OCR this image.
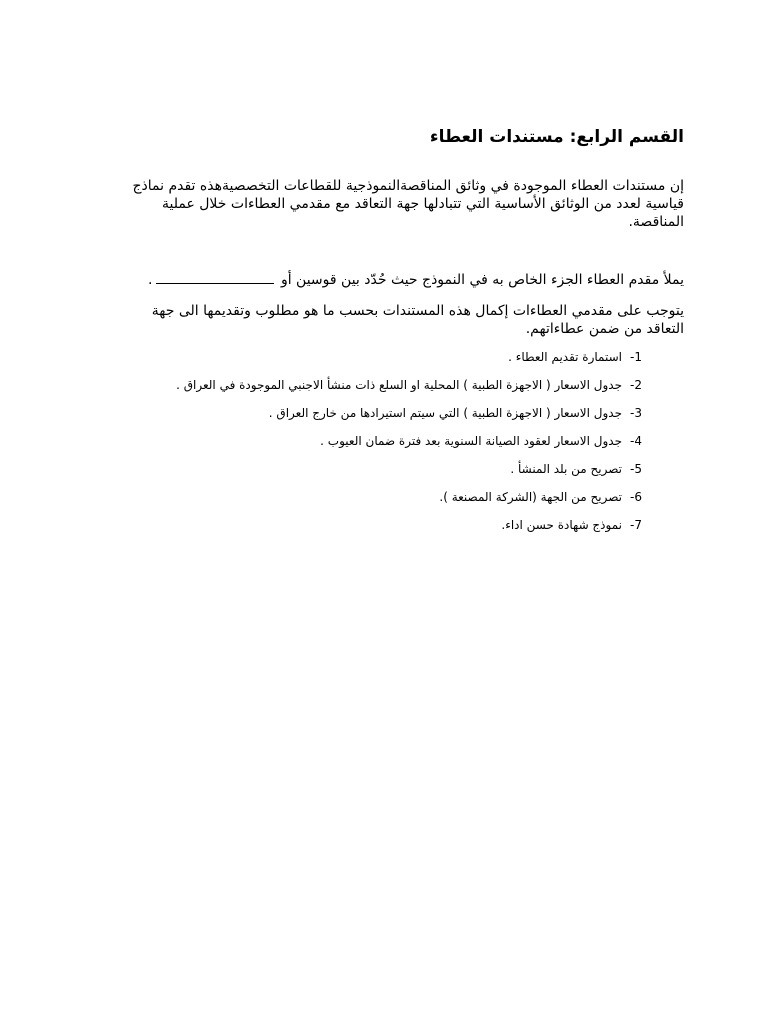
القسم الرابع: مستندات العطاء
إن مستندات العطاء الموجودة في وثائق المناقصةالنموذجية للقطاعات التخصصيةهذه تقدم نماذج قياسية لعدد من الوثائق الأساسية التي تتبادلها جهة التعاقد مع مقدمي العطاءات خلال عملية المناقصة.
يملأ مقدم العطاء الجزء الخاص به في النموذج حيث حُدّد بين قوسين أو .
يتوجب على مقدمي العطاءات إكمال هذه المستندات بحسب ما هو مطلوب وتقديمها الى جهة التعاقد من ضمن عطاءاتهم.
-1
استمارة تقديم العطاء .
-2
جدول الاسعار ( الاجهزة الطبية ) المحلية او السلع ذات منشأ الاجنبي الموجودة في العراق .
-3
جدول الاسعار ( الاجهزة الطبية ) التي سيتم استيرادها من خارج العراق .
-4
جدول الاسعار لعقود الصيانة السنوية بعد فترة ضمان العيوب .
-5
تصريح من بلد المنشأ .
-6
تصريح من الجهة (الشركة المصنعة ).
-7
نموذج شهادة حسن اداء.
